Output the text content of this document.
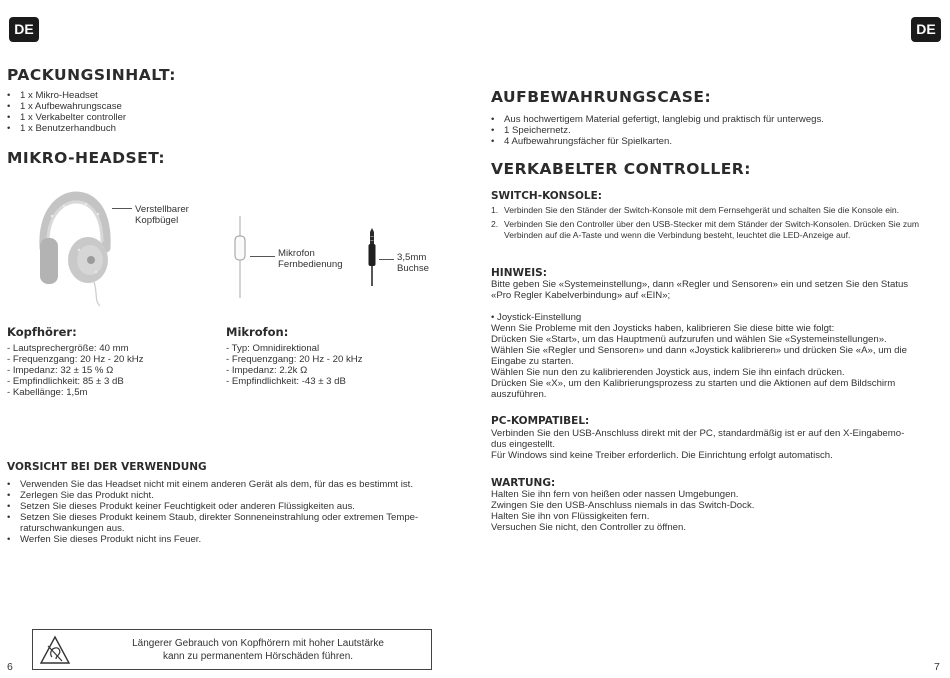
DE	DE
PACKUNGSINHALT:
• 1 x Mikro-Headset
• 1 x Aufbewahrungscase
• 1 x Verkabelter controller
• 1 x Benutzerhandbuch
MIKRO-HEADSET:
Verstellbarer
Kopfbügel
Mikrofon
Fernbedienung
3,5mm
Buchse
Kopfhörer:
- Lautsprechergröße: 40 mm
- Frequenzgang: 20 Hz - 20 kHz
- Impedanz: 32 ± 15 % Ω
- Empfindlichkeit: 85 ± 3 dB
- Kabellänge: 1,5m
Mikrofon:
- Typ: Omnidirektional
- Frequenzgang: 20 Hz - 20 kHz
- Impedanz: 2.2k Ω
- Empfindlichkeit: -43 ± 3 dB
VORSICHT BEI DER VERWENDUNG
• Verwenden Sie das Headset nicht mit einem anderen Gerät als dem, für das es bestimmt ist.
• Zerlegen Sie das Produkt nicht.
• Setzen Sie dieses Produkt keiner Feuchtigkeit oder anderen Flüssigkeiten aus.
• Setzen Sie dieses Produkt keinem Staub, direkter Sonneneinstrahlung oder extremen Tempe-
raturschwankungen aus.
• Werfen Sie dieses Produkt nicht ins Feuer.
Längerer Gebrauch von Kopfhörern mit hoher Lautstärke
kann zu permanentem Hörschäden führen.
6
AUFBEWAHRUNGSCASE:
• Aus hochwertigem Material gefertigt, langlebig und praktisch für unterwegs.
• 1 Speichernetz.
• 4 Aufbewahrungsfächer für Spielkarten.
VERKABELTER CONTROLLER:
SWITCH-KONSOLE:
1. Verbinden Sie den Ständer der Switch-Konsole mit dem Fernsehgerät und schalten Sie die Konsole ein.
2. Verbinden Sie den Controller über den USB-Stecker mit dem Ständer der Switch-Konsolen. Drücken Sie zum Verbinden auf die A-Taste und wenn die Verbindung besteht, leuchtet die LED-Anzeige auf.
HINWEIS:
Bitte geben Sie «Systemeinstellung», dann «Regler und Sensoren» ein und setzen Sie den Status
«Pro Regler Kabelverbindung» auf «EIN»;
• Joystick-Einstellung
Wenn Sie Probleme mit den Joysticks haben, kalibrieren Sie diese bitte wie folgt:
Drücken Sie «Start», um das Hauptmenü aufzurufen und wählen Sie «Systemeinstellungen».
Wählen Sie «Regler und Sensoren» und dann «Joystick kalibrieren» und drücken Sie «A», um die
Eingabe zu starten.
Wählen Sie nun den zu kalibrierenden Joystick aus, indem Sie ihn einfach drücken.
Drücken Sie «X», um den Kalibrierungsprozess zu starten und die Aktionen auf dem Bildschirm
auszuführen.
PC-KOMPATIBEL:
Verbinden Sie den USB-Anschluss direkt mit der PC, standardmäßig ist er auf den X-Eingabemo-
dus eingestellt.
Für Windows sind keine Treiber erforderlich. Die Einrichtung erfolgt automatisch.
WARTUNG:
Halten Sie ihn fern von heißen oder nassen Umgebungen.
Zwingen Sie den USB-Anschluss niemals in das Switch-Dock.
Halten Sie ihn von Flüssigkeiten fern.
Versuchen Sie nicht, den Controller zu öffnen.
7
